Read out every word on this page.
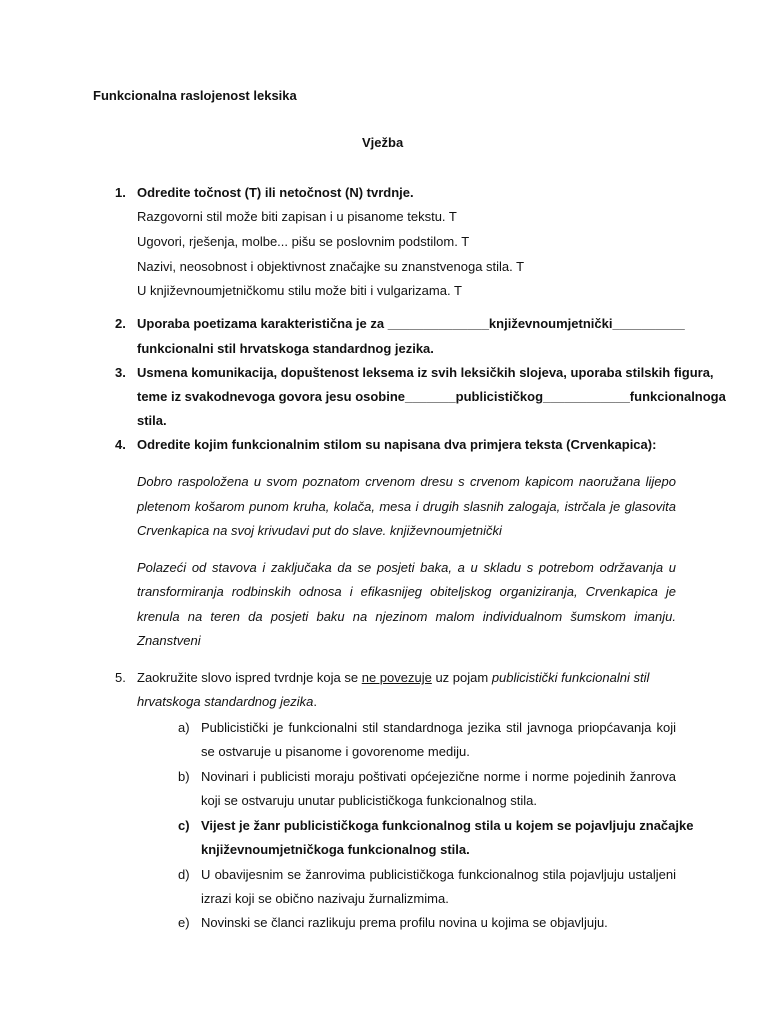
Funkcionalna raslojenost leksika
Vježba
1. Odredite točnost (T) ili netočnost (N) tvrdnje.
Razgovorni stil može biti zapisan i u pisanome tekstu. T
Ugovori, rješenja, molbe... pišu se poslovnim podstilom. T
Nazivi, neosobnost i objektivnost značajke su znanstvenoga stila. T
U književnoumjetničkomu stilu može biti i vulgarizama. T
2. Uporaba poetizama karakteristična je za ______________književnoumjetnički__________
funkcionalni stil hrvatskoga standardnog jezika.
3. Usmena komunikacija, dopuštenost leksema iz svih leksičkih slojeva, uporaba stilskih figura,
teme iz svakodnevoga govora jesu osobine_______publicističkog____________funkcionalnoga
stila.
4. Odredite kojim funkcionalnim stilom su napisana dva primjera teksta (Crvenkapica):
Dobro raspoložena u svom poznatom crvenom dresu s crvenom kapicom naoružana lijepo
pletenom košarom punom kruha, kolača, mesa i drugih slasnih zalogaja, istrčala je glasovita
Crvenkapica na svoj krivudavi put do slave. književnoumjetnički
Polazeći od stavova i zaključaka da se posjeti baka, a u skladu s potrebom održavanja u
transformiranja rodbinskih odnosa i efikasnijeg obiteljskog organiziranja, Crvenkapica je
krenula na teren da posjeti baku na njezinom malom individualnom šumskom imanju.
Znanstveni
5. Zaokružite slovo ispred tvrdnje koja se ne povezuje uz pojam publicistički funkcionalni stil
hrvatskoga standardnog jezika.
a) Publicistički je funkcionalni stil standardnoga jezika stil javnoga priopćavanja koji
se ostvaruje u pisanome i govorenome mediju.
b) Novinari i publicisti moraju poštivati općejezične norme i norme pojedinih žanrova
koji se ostvaruju unutar publicističkoga funkcionalnog stila.
c) Vijest je žanr publicističkoga funkcionalnog stila u kojem se pojavljuju značajke
književnoumjetničkoga funkcionalnog stila.
d) U obavijesnim se žanrovima publicističkoga funkcionalnog stila pojavljuju ustaljeni
izrazi koji se obično nazivaju žurnalizmima.
e) Novinski se članci razlikuju prema profilu novina u kojima se objavljuju.
